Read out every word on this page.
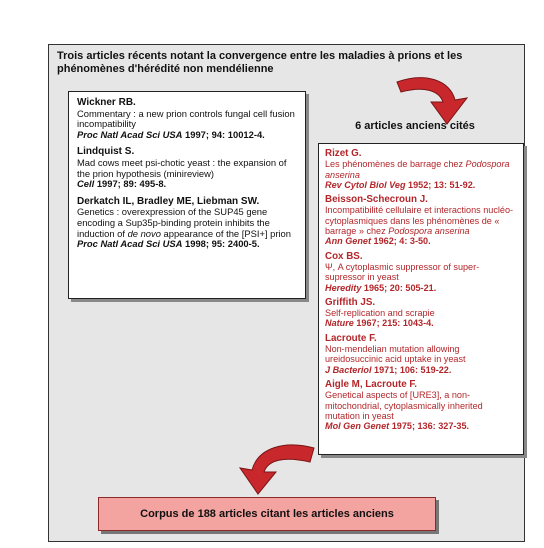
Trois articles récents notant la convergence entre les maladies à prions et les phénomènes d'hérédité non mendélienne
Wickner RB.
Commentary : a new prion controls fungal cell fusion incompatibility
Proc Natl Acad Sci USA 1997; 94: 10012-4.
Lindquist S.
Mad cows meet psi-chotic yeast : the expansion of the prion hypothesis (minireview)
Cell 1997; 89: 495-8.
Derkatch IL, Bradley ME, Liebman SW.
Genetics : overexpression of the SUP45 gene encoding a Sup35p-binding protein inhibits the induction of de novo appearance of the [PSI+] prion
Proc Natl Acad Sci USA 1998; 95: 2400-5.
6 articles anciens cités
Rizet G.
Les phénomènes de barrage chez Podospora anserina
Rev Cytol Biol Veg 1952; 13: 51-92.
Beisson-Schecroun J.
Incompatibilité cellulaire et interactions nucléo-cytoplasmiques dans les phénomènes de « barrage » chez Podospora anserina
Ann Genet 1962; 4: 3-50.
Cox BS.
Ψ, A cytoplasmic suppressor of super-supressor in yeast
Heredity 1965; 20: 505-21.
Griffith JS.
Self-replication and scrapie
Nature 1967; 215: 1043-4.
Lacroute F.
Non-mendelian mutation allowing ureidosuccinic acid uptake in yeast
J Bacteriol 1971; 106: 519-22.
Aigle M, Lacroute F.
Genetical aspects of [URE3], a non-mitochondrial, cytoplasmically inherited mutation in yeast
Mol Gen Genet 1975; 136: 327-35.
Corpus de 188 articles citant les articles anciens
